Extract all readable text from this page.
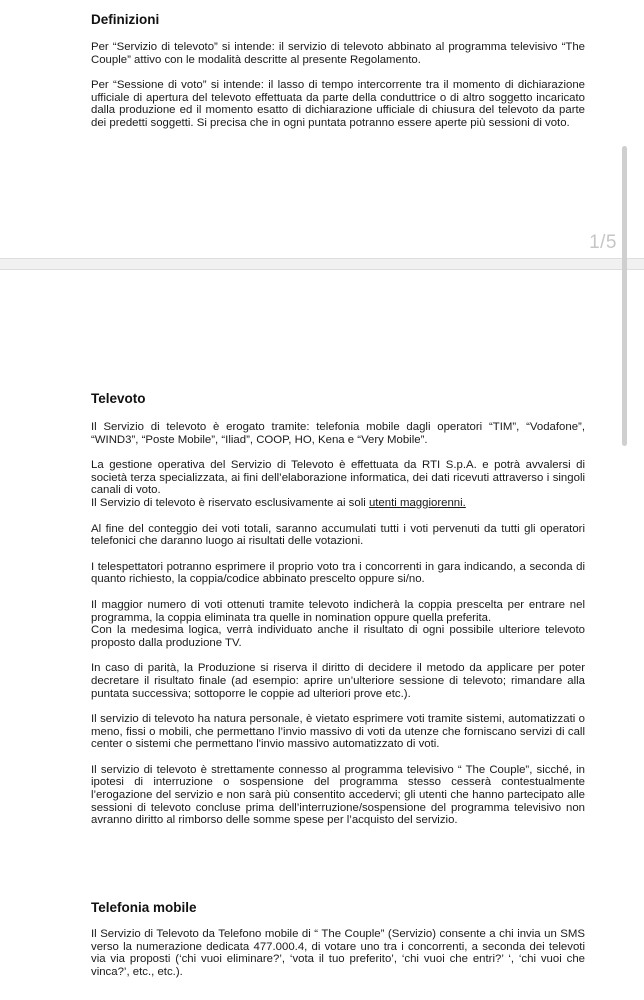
Definizioni

Per “Servizio di televoto” si intende: il servizio di televoto abbinato al programma televisivo “The Couple” attivo con le modalità descritte al presente Regolamento.

Per “Sessione di voto” si intende: il lasso di tempo intercorrente tra il momento di dichiarazione ufficiale di apertura del televoto effettuata da parte della conduttrice o di altro soggetto incaricato dalla produzione ed il momento esatto di dichiarazione ufficiale di chiusura del televoto da parte dei predetti soggetti. Si precisa che in ogni puntata potranno essere aperte più sessioni di voto.

1/5
Televoto

Il Servizio di televoto è erogato tramite: telefonia mobile dagli operatori “TIM”, “Vodafone”, “WIND3”, “Poste Mobile”, “Iliad”, COOP, HO, Kena e “Very Mobile”.

La gestione operativa del Servizio di Televoto è effettuata da RTI S.p.A. e potrà avvalersi di società terza specializzata, ai fini dell’elaborazione informatica, dei dati ricevuti attraverso i singoli canali di voto.

Il Servizio di televoto è riservato esclusivamente ai soli utenti maggiorenni.

Al fine del conteggio dei voti totali, saranno accumulati tutti i voti pervenuti da tutti gli operatori telefonici che daranno luogo ai risultati delle votazioni.

I telespettatori potranno esprimere il proprio voto tra i concorrenti in gara indicando, a seconda di quanto richiesto, la coppia/codice abbinato prescelto oppure si/no.

Il maggior numero di voti ottenuti tramite televoto indicherà la coppia prescelta per entrare nel programma, la coppia eliminata tra quelle in nomination oppure quella preferita.

Con la medesima logica, verrà individuato anche il risultato di ogni possibile ulteriore televoto proposto dalla produzione TV.

In caso di parità, la Produzione si riserva il diritto di decidere il metodo da applicare per poter decretare il risultato finale (ad esempio: aprire un’ulteriore sessione di televoto; rimandare alla puntata successiva; sottoporre le coppie ad ulteriori prove etc.).

Il servizio di televoto ha natura personale, è vietato esprimere voti tramite sistemi, automatizzati o meno, fissi o mobili, che permettano l’invio massivo di voti da utenze che forniscano servizi di call center o sistemi che permettano l'invio massivo automatizzato di voti.

Il servizio di televoto è strettamente connesso al programma televisivo “ The Couple”, sicché, in ipotesi di interruzione o sospensione del programma stesso cesserà contestualmente l’erogazione del servizio e non sarà più consentito accedervi; gli utenti che hanno partecipato alle sessioni di televoto concluse prima dell’interruzione/sospensione del programma televisivo non avranno diritto al rimborso delle somme spese per l’acquisto del servizio.

Telefonia mobile

Il Servizio di Televoto da Telefono mobile di “ The Couple” (Servizio) consente a chi invia un SMS verso la numerazione dedicata 477.000.4, di votare uno tra i concorrenti, a seconda dei televoti via via proposti (‘chi vuoi eliminare?’, ‘vota il tuo preferito’, ‘chi vuoi che entri?’ ‘, ‘chi vuoi che vinca?’, etc., etc.).
